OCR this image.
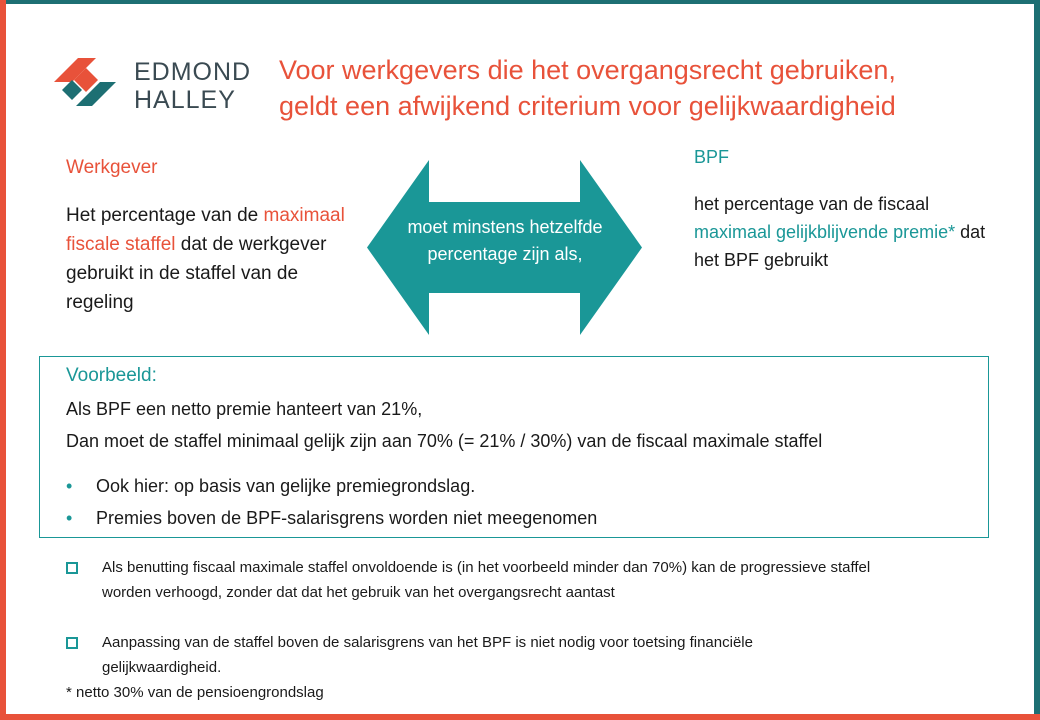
EDMOND
HALLEY
Voor werkgevers die het overgangsrecht gebruiken,
geldt een afwijkend criterium voor gelijkwaardigheid
Werkgever
Het percentage van de maximaal fiscale staffel dat de werkgever gebruikt in de staffel van de regeling
moet minstens hetzelfde percentage zijn als,
BPF
het percentage van de fiscaal maximaal gelijkblijvende premie* dat het BPF gebruikt
Voorbeeld:
Als BPF een netto premie hanteert van 21%,
Dan moet de staffel minimaal gelijk zijn aan 70% (= 21% / 30%) van de fiscaal maximale staffel
• Ook hier: op basis van gelijke premiegrondslag.
• Premies boven de BPF-salarisgrens worden niet meegenomen
Als benutting fiscaal maximale staffel onvoldoende is (in het voorbeeld minder dan 70%) kan de progressieve staffel worden verhoogd, zonder dat dat het gebruik van het overgangsrecht aantast
Aanpassing van de staffel boven de salarisgrens van het BPF is niet nodig voor toetsing financiële gelijkwaardigheid.
* netto 30% van de pensioengrondslag
